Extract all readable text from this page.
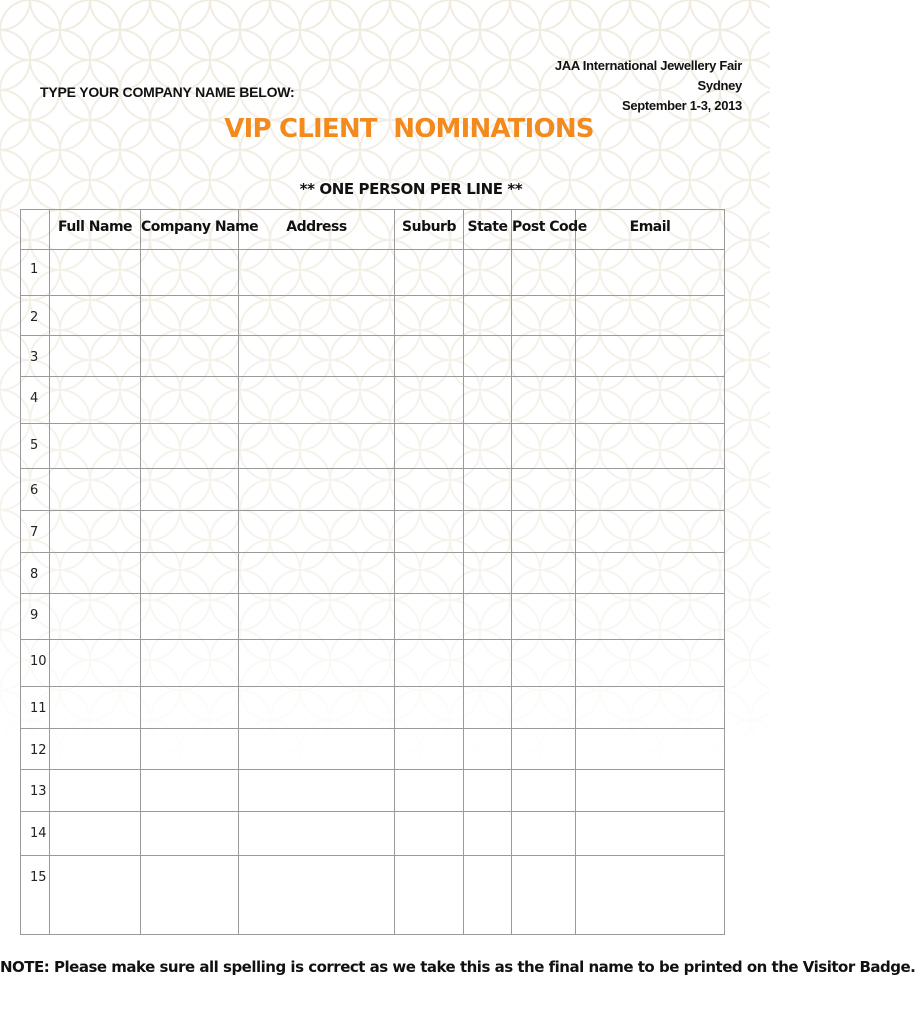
JAA International Jewellery Fair
Sydney
September 1-3, 2013
TYPE YOUR COMPANY NAME BELOW:
VIP CLIENT  NOMINATIONS
** ONE PERSON PER LINE **
	Full Name	Company Name	Address	Suburb	State	Post Code	Email
1							
2							
3							
4							
5							
6							
7							
8							
9							
10							
11							
12							
13							
14							
15							
NOTE: Please make sure all spelling is correct as we take this as the final name to be printed on the Visitor Badge.
